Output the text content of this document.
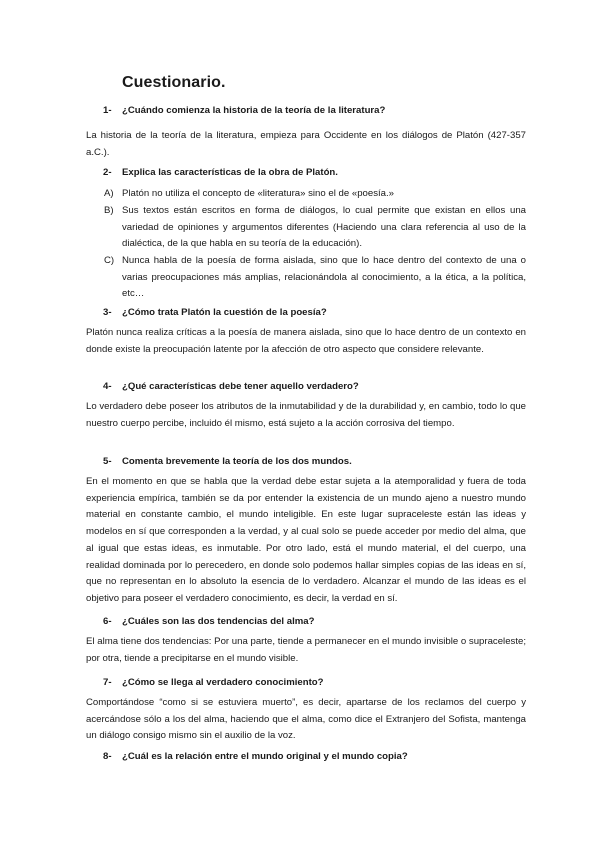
Cuestionario.
1- ¿Cuándo comienza la historia de la teoría de la literatura?
La historia de la teoría de la literatura, empieza para Occidente en los diálogos de Platón (427-357 a.C.).
2- Explica las características de la obra de Platón.
A) Platón no utiliza el concepto de «literatura» sino el de «poesía.»
B) Sus textos están escritos en forma de diálogos, lo cual permite que existan en ellos una variedad de opiniones y argumentos diferentes (Haciendo una clara referencia al uso de la dialéctica, de la que habla en su teoría de la educación).
C) Nunca habla de la poesía de forma aislada, sino que lo hace dentro del contexto de una o varias preocupaciones más amplias, relacionándola al conocimiento, a la ética, a la política, etc…
3- ¿Cómo trata Platón la cuestión de la poesía?
Platón nunca realiza críticas a la poesía de manera aislada, sino que lo hace dentro de un contexto en donde existe la preocupación latente por la afección de otro aspecto que considere relevante.
4- ¿Qué características debe tener aquello verdadero?
Lo verdadero debe poseer los atributos de la inmutabilidad y de la durabilidad y, en cambio, todo lo que nuestro cuerpo percibe, incluido él mismo, está sujeto a la acción corrosiva del tiempo.
5- Comenta brevemente la teoría de los dos mundos.
En el momento en que se habla que la verdad debe estar sujeta a la atemporalidad y fuera de toda experiencia empírica, también se da por entender la existencia de un mundo ajeno a nuestro mundo material en constante cambio, el mundo inteligible. En este lugar supraceleste están las ideas y modelos en sí que corresponden a la verdad, y al cual solo se puede acceder por medio del alma, que al igual que estas ideas, es inmutable. Por otro lado, está el mundo material, el del cuerpo, una realidad dominada por lo perecedero, en donde solo podemos hallar simples copias de las ideas en sí, que no representan en lo absoluto la esencia de lo verdadero. Alcanzar el mundo de las ideas es el objetivo para poseer el verdadero conocimiento, es decir, la verdad en sí.
6- ¿Cuáles son las dos tendencias del alma?
El alma tiene dos tendencias: Por una parte, tiende a permanecer en el mundo invisible o supraceleste; por otra, tiende a precipitarse en el mundo visible.
7- ¿Cómo se llega al verdadero conocimiento?
Comportándose “como si se estuviera muerto”, es decir, apartarse de los reclamos del cuerpo y acercándose sólo a los del alma, haciendo que el alma, como dice el Extranjero del Sofista, mantenga un diálogo consigo mismo sin el auxilio de la voz.
8- ¿Cuál es la relación entre el mundo original y el mundo copia?
